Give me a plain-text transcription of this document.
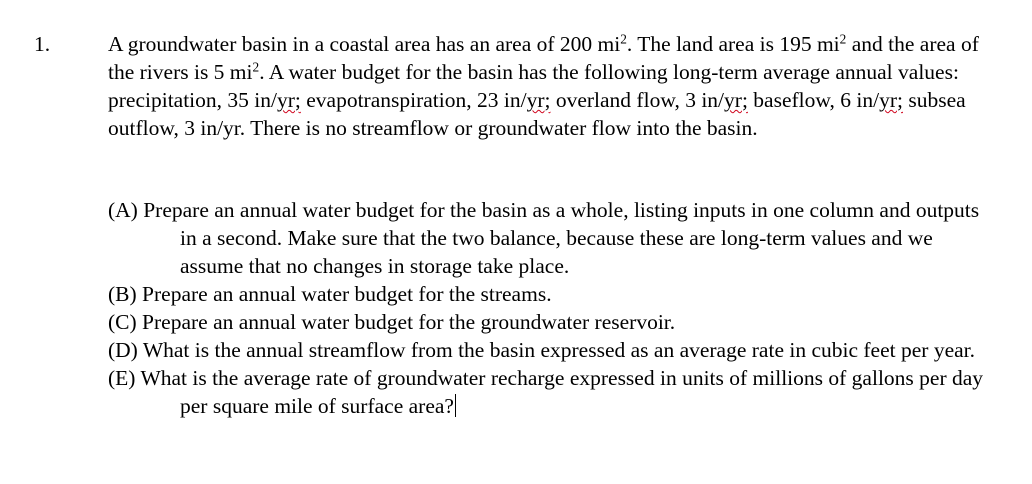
1.	A groundwater basin in a coastal area has an area of 200 $mi^2$. The land area is 195 $mi^2$ and the area of the rivers is 5 $mi^2$. A water budget for the basin has the following long-term average annual values: precipitation, 35 in/yr; evapotranspiration, 23 in/yr; overland flow, 3 in/yr; baseflow, 6 in/yr; subsea outflow, 3 in/yr. There is no streamflow or groundwater flow into the basin.

(A) Prepare an annual water budget for the basin as a whole, listing inputs in one column and outputs in a second. Make sure that the two balance, because these are long-term values and we assume that no changes in storage take place.

(B) Prepare an annual water budget for the streams.

(C) Prepare an annual water budget for the groundwater reservoir.

(D) What is the annual streamflow from the basin expressed as an average rate in cubic feet per year.

(E) What is the average rate of groundwater recharge expressed in units of millions of gallons per day per square mile of surface area?
